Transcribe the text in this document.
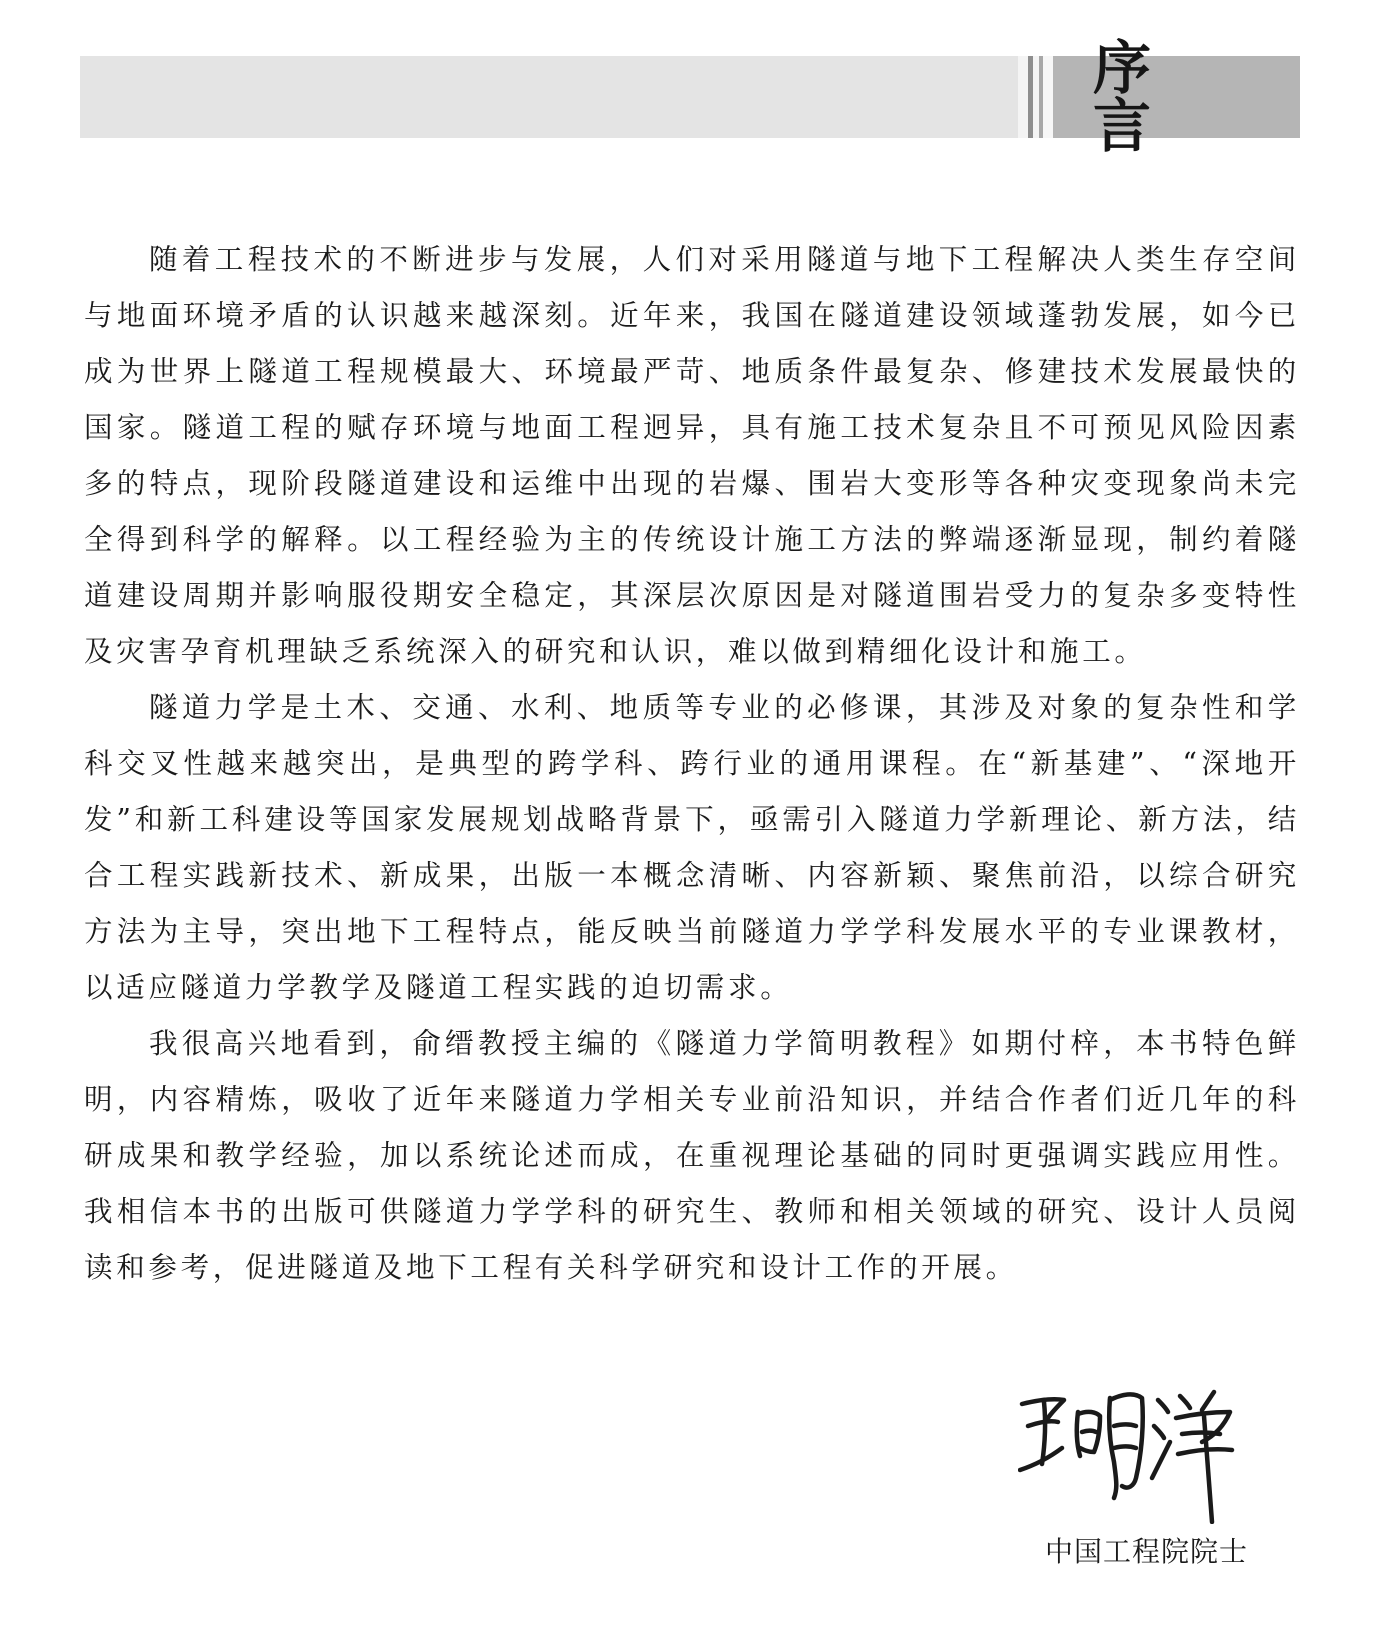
序言

随着工程技术的不断进步与发展，人们对采用隧道与地下工程解决人类生存空间与地面环境矛盾的认识越来越深刻。近年来，我国在隧道建设领域蓬勃发展，如今已成为世界上隧道工程规模最大、环境最严苛、地质条件最复杂、修建技术发展最快的国家。隧道工程的赋存环境与地面工程迥异，具有施工技术复杂且不可预见风险因素多的特点，现阶段隧道建设和运维中出现的岩爆、围岩大变形等各种灾变现象尚未完全得到科学的解释。以工程经验为主的传统设计施工方法的弊端逐渐显现，制约着隧道建设周期并影响服役期安全稳定，其深层次原因是对隧道围岩受力的复杂多变特性及灾害孕育机理缺乏系统深入的研究和认识，难以做到精细化设计和施工。

隧道力学是土木、交通、水利、地质等专业的必修课，其涉及对象的复杂性和学科交叉性越来越突出，是典型的跨学科、跨行业的通用课程。在“新基建”、“深地开发”和新工科建设等国家发展规划战略背景下，亟需引入隧道力学新理论、新方法，结合工程实践新技术、新成果，出版一本概念清晰、内容新颖、聚焦前沿，以综合研究方法为主导，突出地下工程特点，能反映当前隧道力学学科发展水平的专业课教材，以适应隧道力学教学及隧道工程实践的迫切需求。

我很高兴地看到，俞缙教授主编的《隧道力学简明教程》如期付梓，本书特色鲜明，内容精炼，吸收了近年来隧道力学相关专业前沿知识，并结合作者们近几年的科研成果和教学经验，加以系统论述而成，在重视理论基础的同时更强调实践应用性。我相信本书的出版可供隧道力学学科的研究生、教师和相关领域的研究、设计人员阅读和参考，促进隧道及地下工程有关科学研究和设计工作的开展。

中国工程院院士
